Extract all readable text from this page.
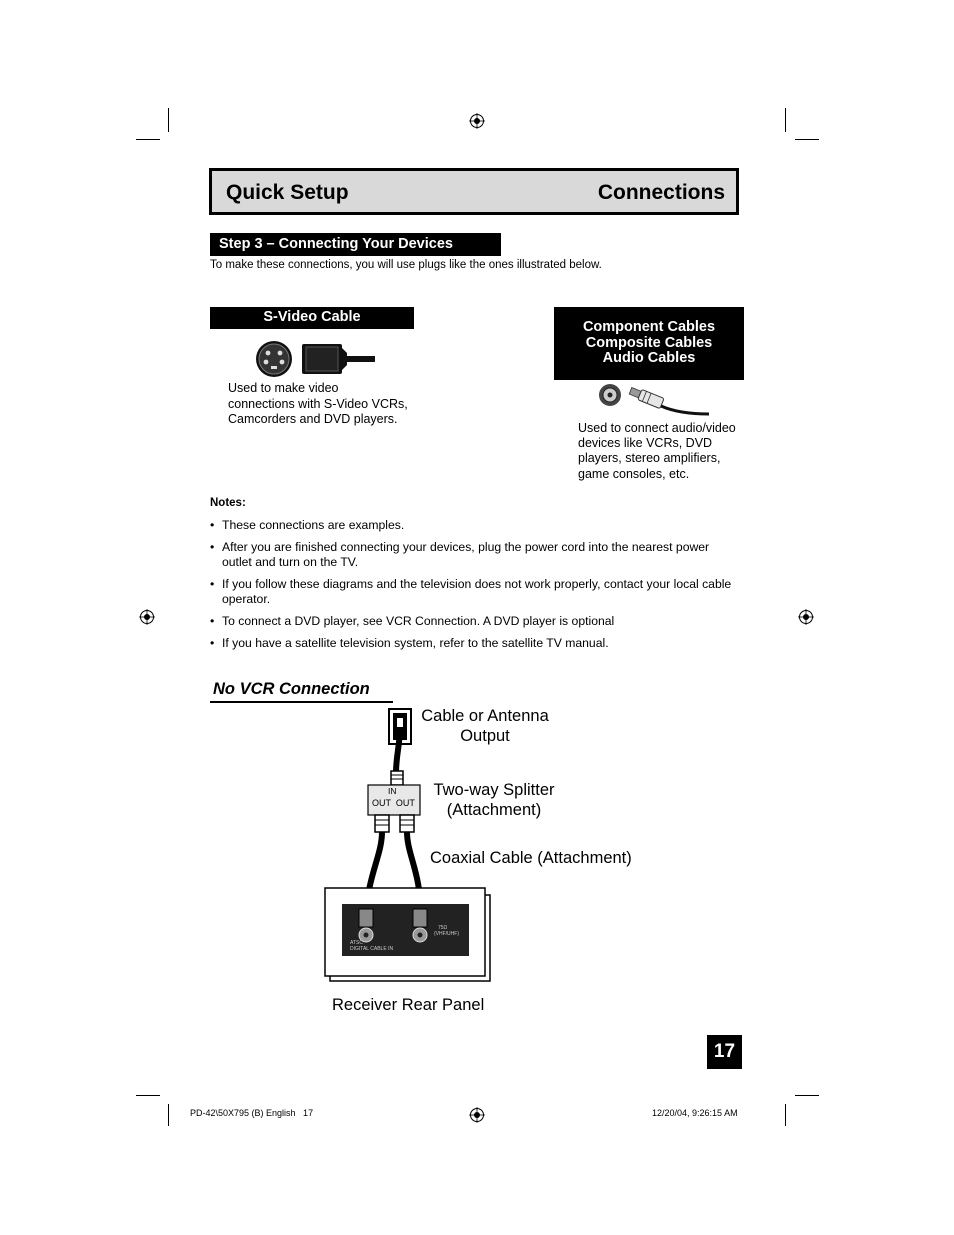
Quick Setup	Connections
Step 3 – Connecting Your Devices
To make these connections, you will use plugs like the ones illustrated below.
S-Video Cable
Used to make video connections with S-Video VCRs, Camcorders and DVD players.
Component Cables
Composite Cables
Audio Cables
Used to connect audio/video devices like VCRs, DVD players, stereo amplifiers, game consoles, etc.
Notes:
• These connections are examples.
• After you are finished connecting your devices, plug the power cord into the nearest power outlet and turn on the TV.
• If you follow these diagrams and the television does not work properly, contact your local cable operator.
• To connect a DVD player, see VCR Connection. A DVD player is optional
• If you have a satellite television system, refer to the satellite TV manual.
No VCR Connection
IN
OUT  OUT
ATSC
DIGITAL CABLE IN
75Ω
(VHF/UHF)
Cable or Antenna
Output
Two-way Splitter
(Attachment)
Coaxial Cable (Attachment)
Receiver Rear Panel
17
PD-42\50X795 (B) English   17	12/20/04, 9:26:15 AM
